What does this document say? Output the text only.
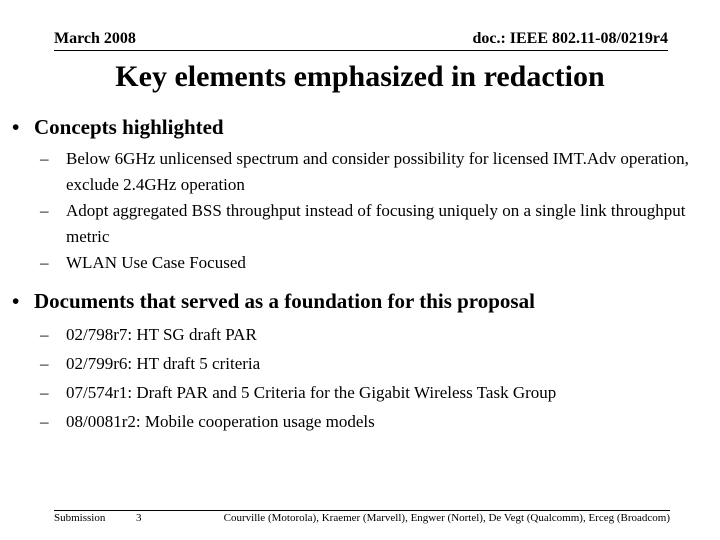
March 2008	doc.: IEEE 802.11-08/0219r4
Key elements emphasized in redaction
• Concepts highlighted
– Below 6GHz unlicensed spectrum and consider possibility for licensed IMT.Adv operation, exclude 2.4GHz operation
– Adopt aggregated BSS throughput instead of focusing uniquely on a single link throughput metric
– WLAN Use Case Focused
• Documents that served as a foundation for this proposal
– 02/798r7: HT SG draft PAR
– 02/799r6: HT draft 5 criteria
– 07/574r1: Draft PAR and 5 Criteria for the Gigabit Wireless Task Group
– 08/0081r2: Mobile cooperation usage models
Submission	3	Courville (Motorola), Kraemer (Marvell), Engwer (Nortel), De Vegt (Qualcomm), Erceg (Broadcom)
